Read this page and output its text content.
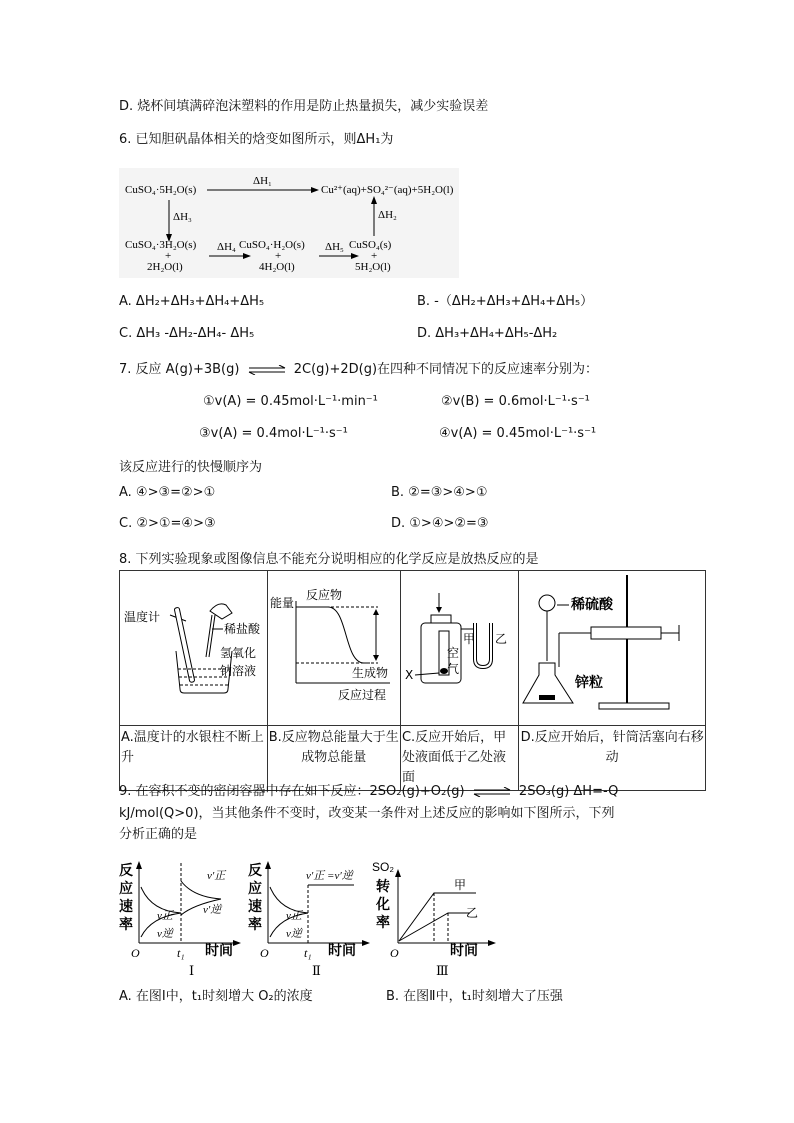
D. 烧杯间填满碎泡沫塑料的作用是防止热量损失，减少实验误差
6. 已知胆矾晶体相关的焓变如图所示，则ΔH₁为
CuSO₄·5H₂O(s)
ΔH₁
Cu²⁺(aq)+SO₄²⁻(aq)+5H₂O(l)
ΔH₃	ΔH₂
CuSO₄·3H₂O(s)
+
2H₂O(l)
ΔH₄ CuSO₄·H₂O(s)
+
4H₂O(l)
ΔH₅ CuSO₄(s)
+
5H₂O(l)
A. ΔH₂+ΔH₃+ΔH₄+ΔH₅	B. -（ΔH₂+ΔH₃+ΔH₄+ΔH₅）
C. ΔH₃ -ΔH₂-ΔH₄- ΔH₅	D. ΔH₃+ΔH₄+ΔH₅-ΔH₂
7. 反应 A(g)+3B(g) ⇌ 2C(g)+2D(g)在四种不同情况下的反应速率分别为：
①v(A) = 0.45mol·L⁻¹·min⁻¹	②v(B) = 0.6mol·L⁻¹·s⁻¹
③v(A) = 0.4mol·L⁻¹·s⁻¹	④v(A) = 0.45mol·L⁻¹·s⁻¹
该反应进行的快慢顺序为
A. ④>③=②>①	B. ②=③>④>①
C. ②>①=④>③	D. ①>④>②=③
8. 下列实验现象或图像信息不能充分说明相应的化学反应是放热反应的是
温度计
稀盐酸
氢氧化
钠溶液	能量
反应物
生成物
反应过程	甲 乙
空
气
X	稀硫酸
锌粒

A.温度计的水银柱不断上升	B.反应物总能量大于生成物总能量	C.反应开始后，甲处液面低于乙处液面	D.反应开始后，针筒活塞向右移动
9. 在容积不变的密闭容器中存在如下反应：2SO₂(g)+O₂(g) ⇌ 2SO₃(g) ΔH=-Q
kJ/mol(Q>0)，当其他条件不变时，改变某一条件对上述反应的影响如下图所示，下列
分析正确的是
反
应
速
率
时间
v′正
v′逆
v正
v逆
O	t₁
Ⅰ
反
应
速
率
时间
v′正 =v′逆
v正
v逆
O	t₁
Ⅱ
SO₂
转
化
率
时间
甲
乙
O
Ⅲ
A. 在图Ⅰ中，t₁时刻增大 O₂的浓度	B. 在图Ⅱ中，t₁时刻增大了压强
